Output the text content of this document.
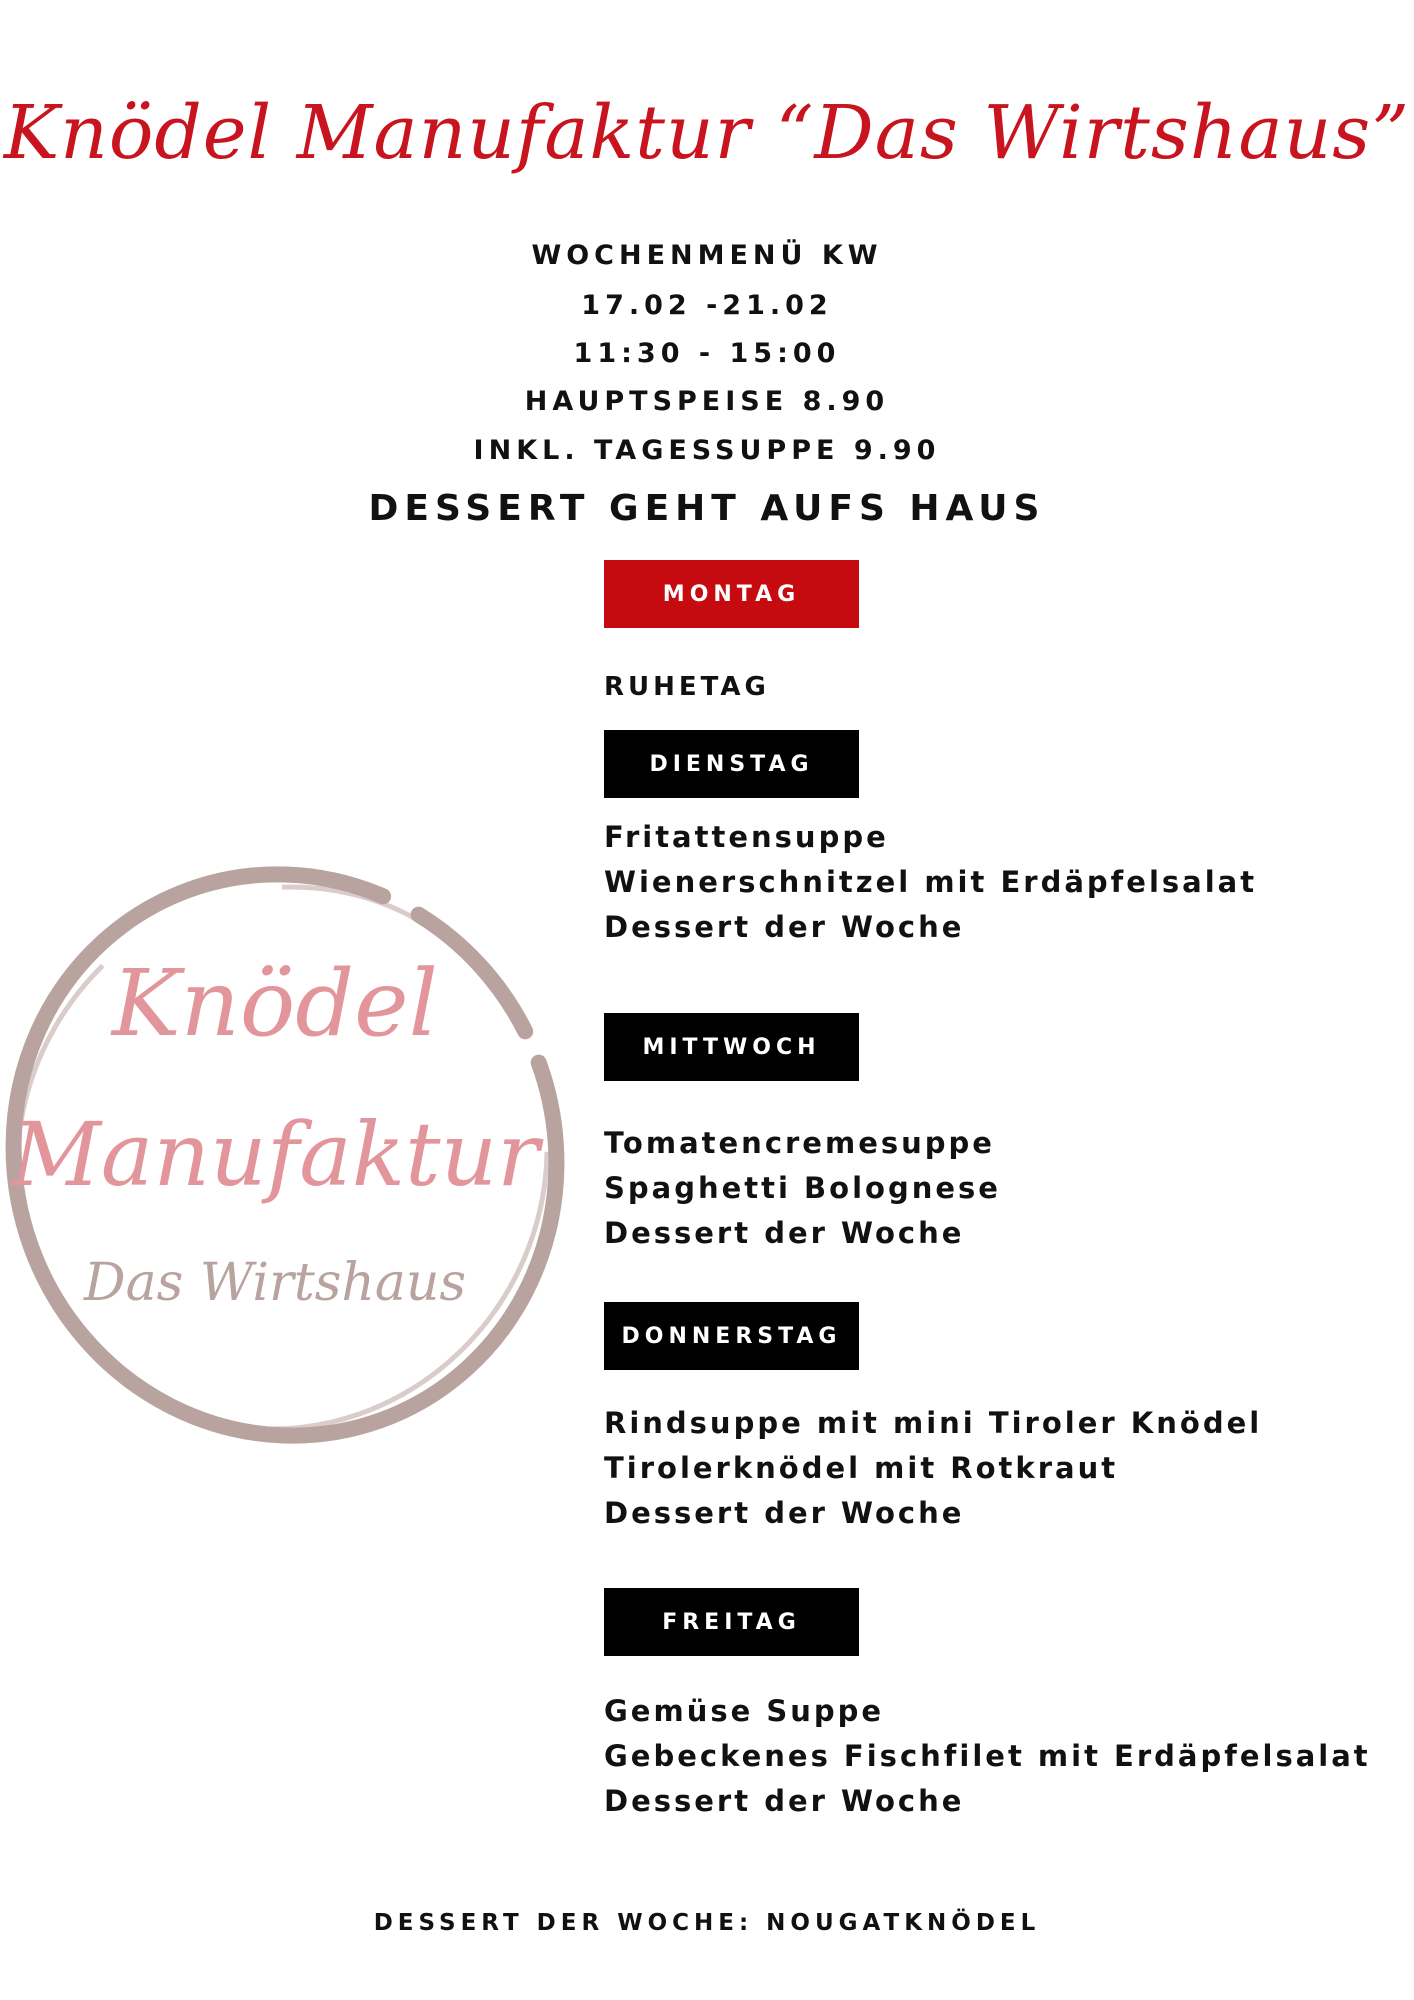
Knödel Manufaktur “Das Wirtshaus”
WOCHENMENÜ KW
17.02 -21.02
11:30 - 15:00
HAUPTSPEISE 8.90
INKL. TAGESSUPPE 9.90
DESSERT GEHT AUFS HAUS
MONTAG
RUHETAG
DIENSTAG
Fritattensuppe
Wienerschnitzel mit Erdäpfelsalat
Dessert der Woche
MITTWOCH
Tomatencremesuppe
Spaghetti Bolognese
Dessert der Woche
DONNERSTAG
Rindsuppe mit mini Tiroler Knödel
Tirolerknödel mit Rotkraut
Dessert der Woche
FREITAG
Gemüse Suppe
Gebeckenes Fischfilet mit Erdäpfelsalat
Dessert der Woche
Knödel
Manufaktur
Das Wirtshaus
DESSERT DER WOCHE: NOUGATKNÖDEL
